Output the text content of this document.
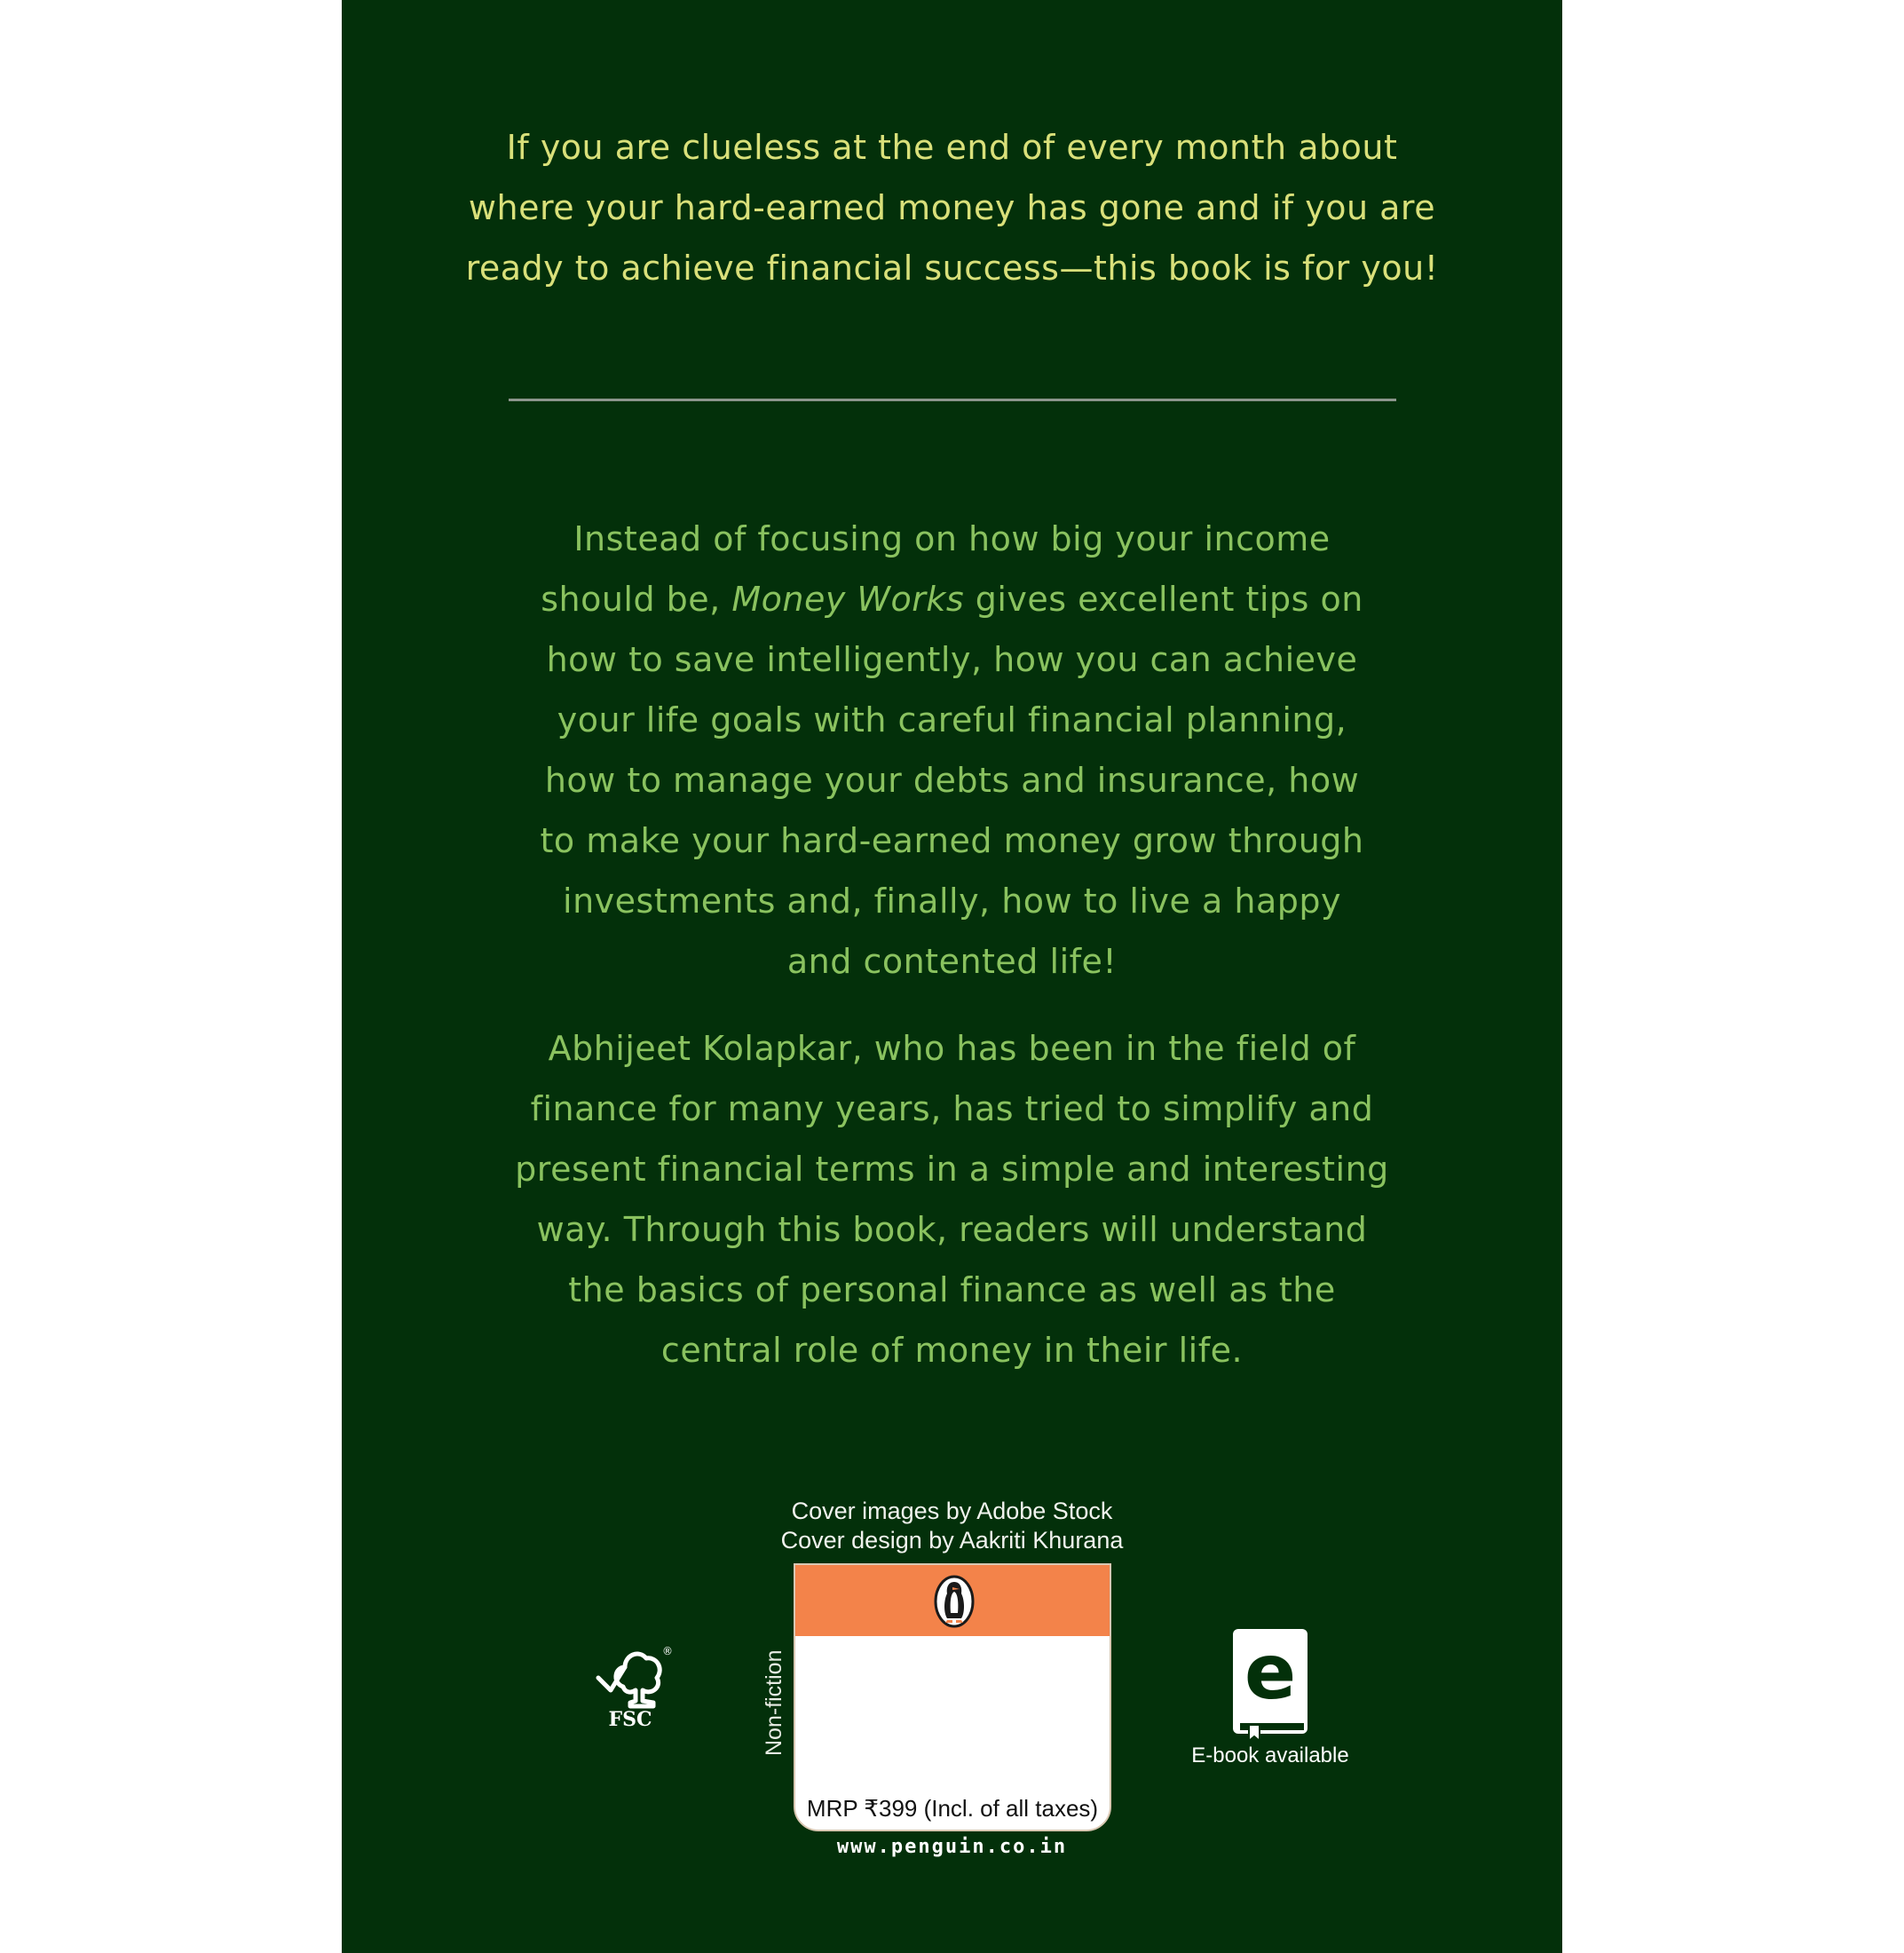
If you are clueless at the end of every month about
where your hard-earned money has gone and if you are
ready to achieve financial success—this book is for you!
Instead of focusing on how big your income
should be, Money Works gives excellent tips on
how to save intelligently, how you can achieve
your life goals with careful financial planning,
how to manage your debts and insurance, how
to make your hard-earned money grow through
investments and, finally, how to live a happy
and contented life!
Abhijeet Kolapkar, who has been in the field of
finance for many years, has tried to simplify and
present financial terms in a simple and interesting
way. Through this book, readers will understand
the basics of personal finance as well as the
central role of money in their life.
Cover images by Adobe Stock
Cover design by Aakriti Khurana
®
FSC	Non-fiction
MRP ₹399 (Incl. of all taxes)
www.penguin.co.in
e
E-book available
